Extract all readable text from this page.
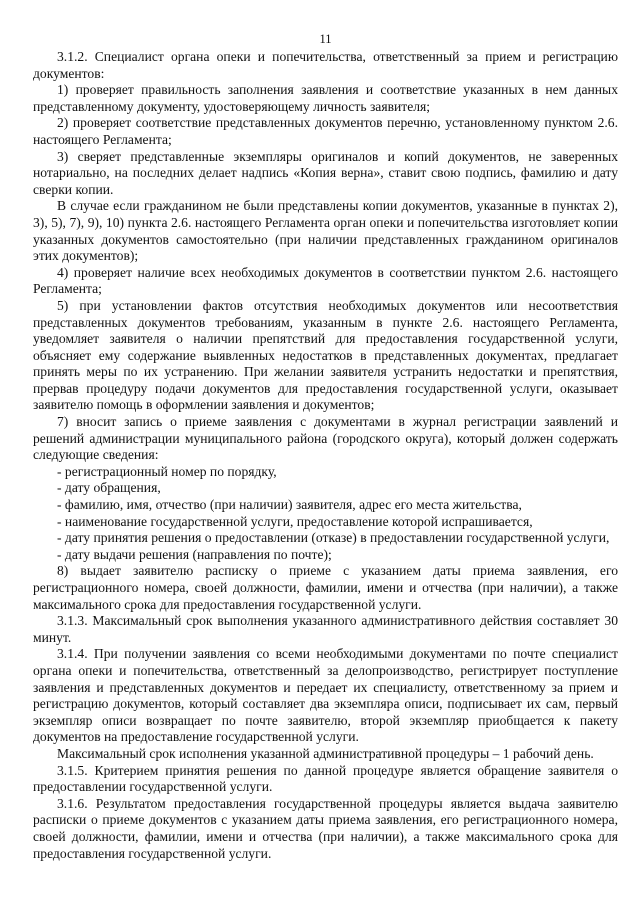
11

3.1.2. Специалист органа опеки и попечительства, ответственный за прием и регистрацию документов:

1) проверяет правильность заполнения заявления и соответствие указанных в нем данных представленному документу, удостоверяющему личность заявителя;

2) проверяет соответствие представленных документов перечню, установленному пунктом 2.6. настоящего Регламента;

3) сверяет представленные экземпляры оригиналов и копий документов, не заверенных нотариально, на последних делает надпись «Копия верна», ставит свою подпись, фамилию и дату сверки копии.

В случае если гражданином не были представлены копии документов, указанные в пунктах 2), 3), 5), 7), 9), 10) пункта 2.6. настоящего Регламента орган опеки и попечительства изготовляет копии указанных документов самостоятельно (при наличии представленных гражданином оригиналов этих документов);

4) проверяет наличие всех необходимых документов в соответствии пунктом 2.6. настоящего Регламента;

5) при установлении фактов отсутствия необходимых документов или несоответствия представленных документов требованиям, указанным в пункте 2.6. настоящего Регламента, уведомляет заявителя о наличии препятствий для предоставления государственной услуги, объясняет ему содержание выявленных недостатков в представленных документах, предлагает принять меры по их устранению. При желании заявителя устранить недостатки и препятствия, прервав процедуру подачи документов для предоставления государственной услуги, оказывает заявителю помощь в оформлении заявления и документов;

7) вносит запись о приеме заявления с документами в журнал регистрации заявлений и решений администрации муниципального района (городского округа), который должен содержать следующие сведения:

- регистрационный номер по порядку,

- дату обращения,

- фамилию, имя, отчество (при наличии) заявителя, адрес его места жительства,

- наименование государственной услуги, предоставление которой испрашивается,

- дату принятия решения о предоставлении (отказе) в предоставлении государственной услуги,

- дату выдачи решения (направления по почте);

8) выдает заявителю расписку о приеме с указанием даты приема заявления, его регистрационного номера, своей должности, фамилии, имени и отчества (при наличии), а также максимального срока для предоставления государственной услуги.

3.1.3. Максимальный срок выполнения указанного административного действия составляет 30 минут.

3.1.4. При получении заявления со всеми необходимыми документами по почте специалист органа опеки и попечительства, ответственный за делопроизводство, регистрирует поступление заявления и представленных документов и передает их специалисту, ответственному за прием и регистрацию документов, который составляет два экземпляра описи, подписывает их сам, первый экземпляр описи возвращает по почте заявителю, второй экземпляр приобщается к пакету документов на предоставление государственной услуги.

Максимальный срок исполнения указанной административной процедуры – 1 рабочий день.

3.1.5. Критерием принятия решения по данной процедуре является обращение заявителя о предоставлении государственной услуги.

3.1.6. Результатом предоставления государственной процедуры является выдача заявителю расписки о приеме документов с указанием даты приема заявления, его регистрационного номера, своей должности, фамилии, имени и отчества (при наличии), а также максимального срока для предоставления государственной услуги.
